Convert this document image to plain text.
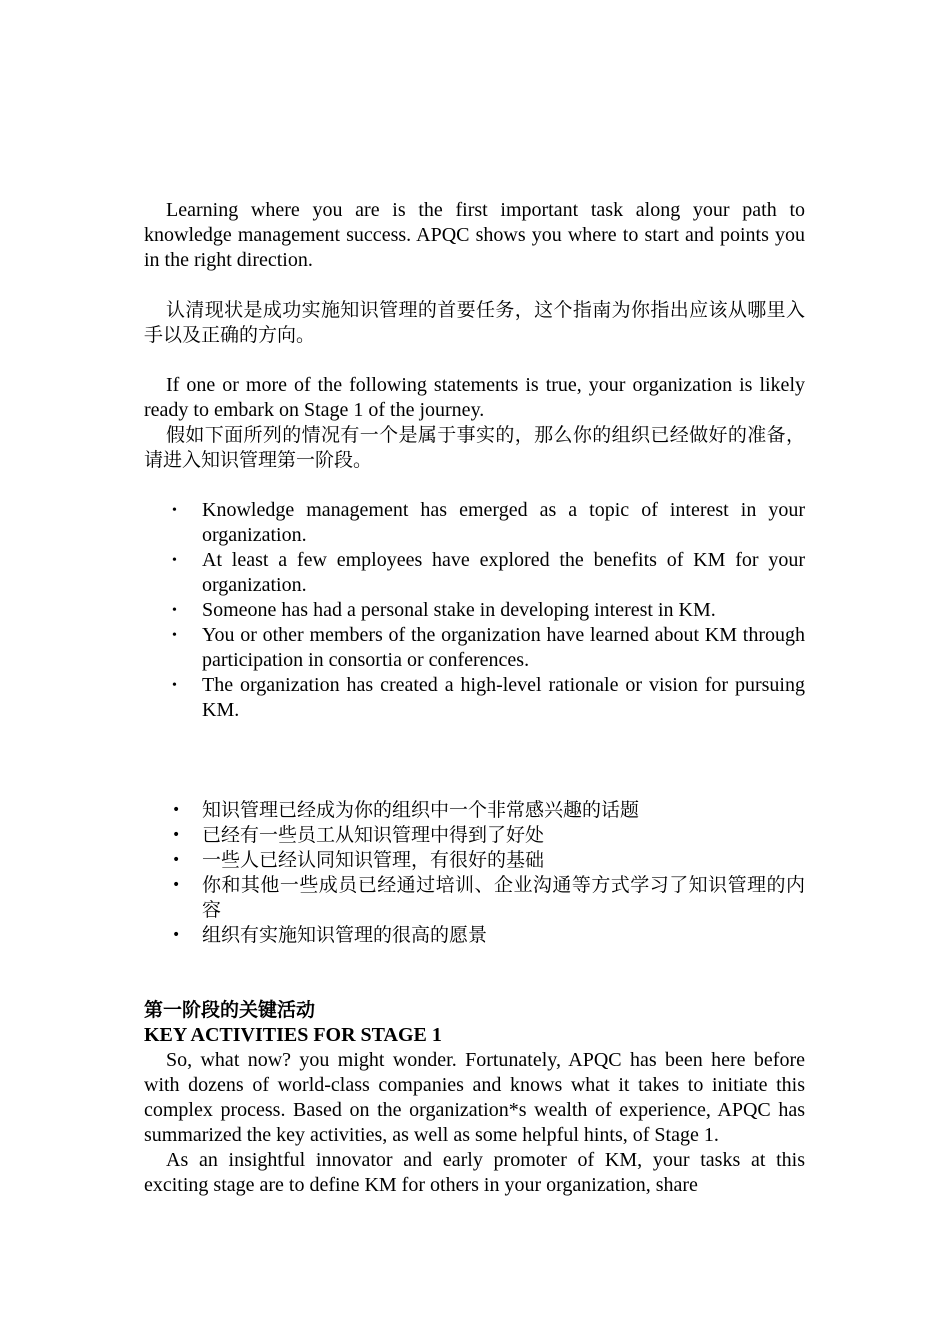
Learning where you are is the first important task along your path to knowledge management success. APQC shows you where to start and points you in the right direction.

认清现状是成功实施知识管理的首要任务，这个指南为你指出应该从哪里入手以及正确的方向。

If one or more of the following statements is true, your organization is likely ready to embark on Stage 1 of the journey.

假如下面所列的情况有一个是属于事实的，那么你的组织已经做好的准备，请进入知识管理第一阶段。

• Knowledge management has emerged as a topic of interest in your organization.
• At least a few employees have explored the benefits of KM for your organization.
• Someone has had a personal stake in developing interest in KM.
• You or other members of the organization have learned about KM through participation in consortia or conferences.
• The organization has created a high-level rationale or vision for pursuing KM.
• 知识管理已经成为你的组织中一个非常感兴趣的话题
• 已经有一些员工从知识管理中得到了好处
• 一些人已经认同知识管理，有很好的基础
• 你和其他一些成员已经通过培训、企业沟通等方式学习了知识管理的内容
• 组织有实施知识管理的很高的愿景

第一阶段的关键活动

KEY ACTIVITIES FOR STAGE 1

So, what now? you might wonder. Fortunately, APQC has been here before with dozens of world-class companies and knows what it takes to initiate this complex process. Based on the organization*s wealth of experience, APQC has summarized the key activities, as well as some helpful hints, of Stage 1.

As an insightful innovator and early promoter of KM, your tasks at this exciting stage are to define KM for others in your organization, share
